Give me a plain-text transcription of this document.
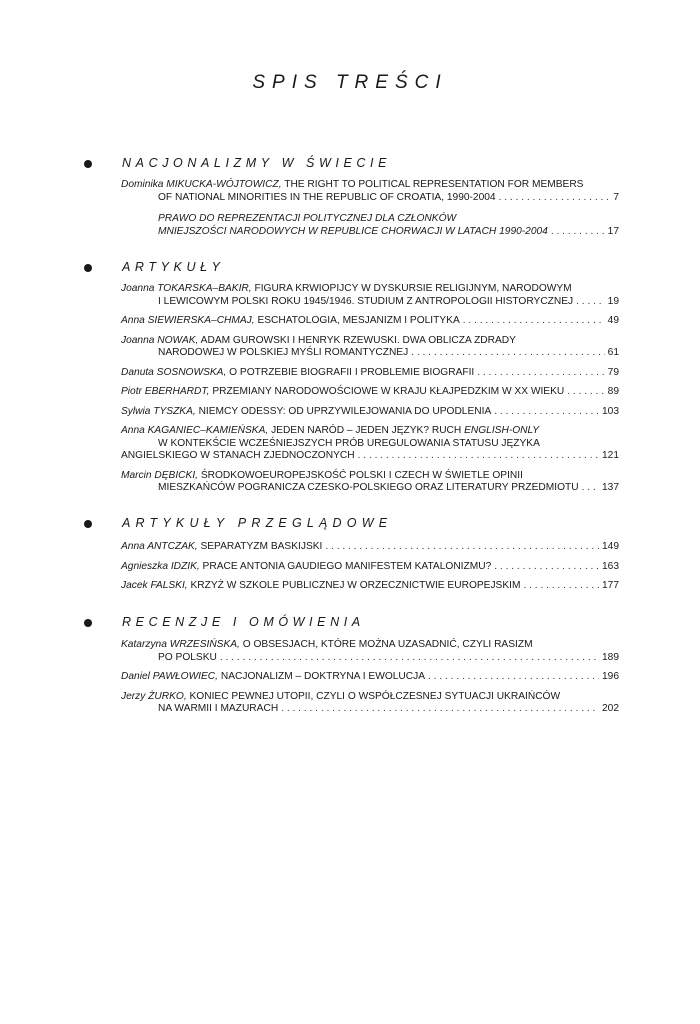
SPIS TREŚCI
NACJONALIZMY W ŚWIECIE
Dominika MIKUCKA-WÓJTOWICZ, THE RIGHT TO POLITICAL REPRESENTATION FOR MEMBERS
OF NATIONAL MINORITIES IN THE REPUBLIC OF CROATIA, 1990-2004 . . .	7
PRAWO DO REPREZENTACJI POLITYCZNEJ DLA CZŁONKÓW
MNIEJSZOŚCI NARODOWYCH W REPUBLICE CHORWACJI W LATACH 1990-2004 . . .	17
ARTYKUŁY
Joanna TOKARSKA–BAKIR, FIGURA KRWIOPIJCY W DYSKURSIE RELIGIJNYM, NARODOWYM
I LEWICOWYM POLSKI ROKU 1945/1946. STUDIUM Z ANTROPOLOGII HISTORYCZNEJ . . .	19
Anna SIEWIERSKA–CHMAJ,
ESCHATOLOGIA, MESJANIZM I POLITYKA . . .	49
Joanna NOWAK, ADAM GUROWSKI I HENRYK RZEWUSKI. DWA OBLICZA ZDRADY
NARODOWEJ W POLSKIEJ MYŚLI ROMANTYCZNEJ . . .	61
Danuta SOSNOWSKA,
O POTRZEBIE BIOGRAFII I PROBLEMIE BIOGRAFII . . .	79
Piotr EBERHARDT,
PRZEMIANY NARODOWOŚCIOWE W KRAJU KŁAJPEDZKIM W XX WIEKU . . .	89
Sylwia TYSZKA,
NIEMCY ODESSY: OD UPRZYWILEJOWANIA DO UPODLENIA . . .	103
Anna KAGANIEC–KAMIEŃSKA, JEDEN NARÓD – JEDEN JĘZYK? RUCH ENGLISH-ONLY
W KONTEKŚCIE WCZEŚNIEJSZYCH PRÓB UREGULOWANIA STATUSU JĘZYKA
ANGIELSKIEGO W STANACH ZJEDNOCZONYCH . . .	121
Marcin DĘBICKI, ŚRODKOWOEUROPEJSKOŚĆ POLSKI I CZECH W ŚWIETLE OPINII
MIESZKAŃCÓW POGRANICZA CZESKO-POLSKIEGO ORAZ LITERATURY PRZEDMIOTU . . . 137
ARTYKUŁY PRZEGLĄDOWE
Anna ANTCZAK,
SEPARATYZM BASKIJSKI . . .	149
Agnieszka IDZIK,
PRACE ANTONIA GAUDIEGO MANIFESTEM KATALONIZMU? . . .	163
Jacek FALSKI,
KRZYŻ W SZKOLE PUBLICZNEJ W ORZECZNICTWIE EUROPEJSKIM . . .	177
RECENZJE I OMÓWIENIA
Katarzyna WRZESIŃSKA, O OBSESJACH, KTÓRE MOŻNA UZASADNIĆ, CZYLI RASIZM
PO POLSKU . . .	189
Daniel PAWŁOWIEC,
NACJONALIZM – DOKTRYNA I EWOLUCJA . . .	196
Jerzy ŻURKO, KONIEC PEWNEJ UTOPII, CZYLI O WSPÓŁCZESNEJ SYTUACJI UKRAIŃCÓW
NA WARMII I MAZURACH . . .	202
